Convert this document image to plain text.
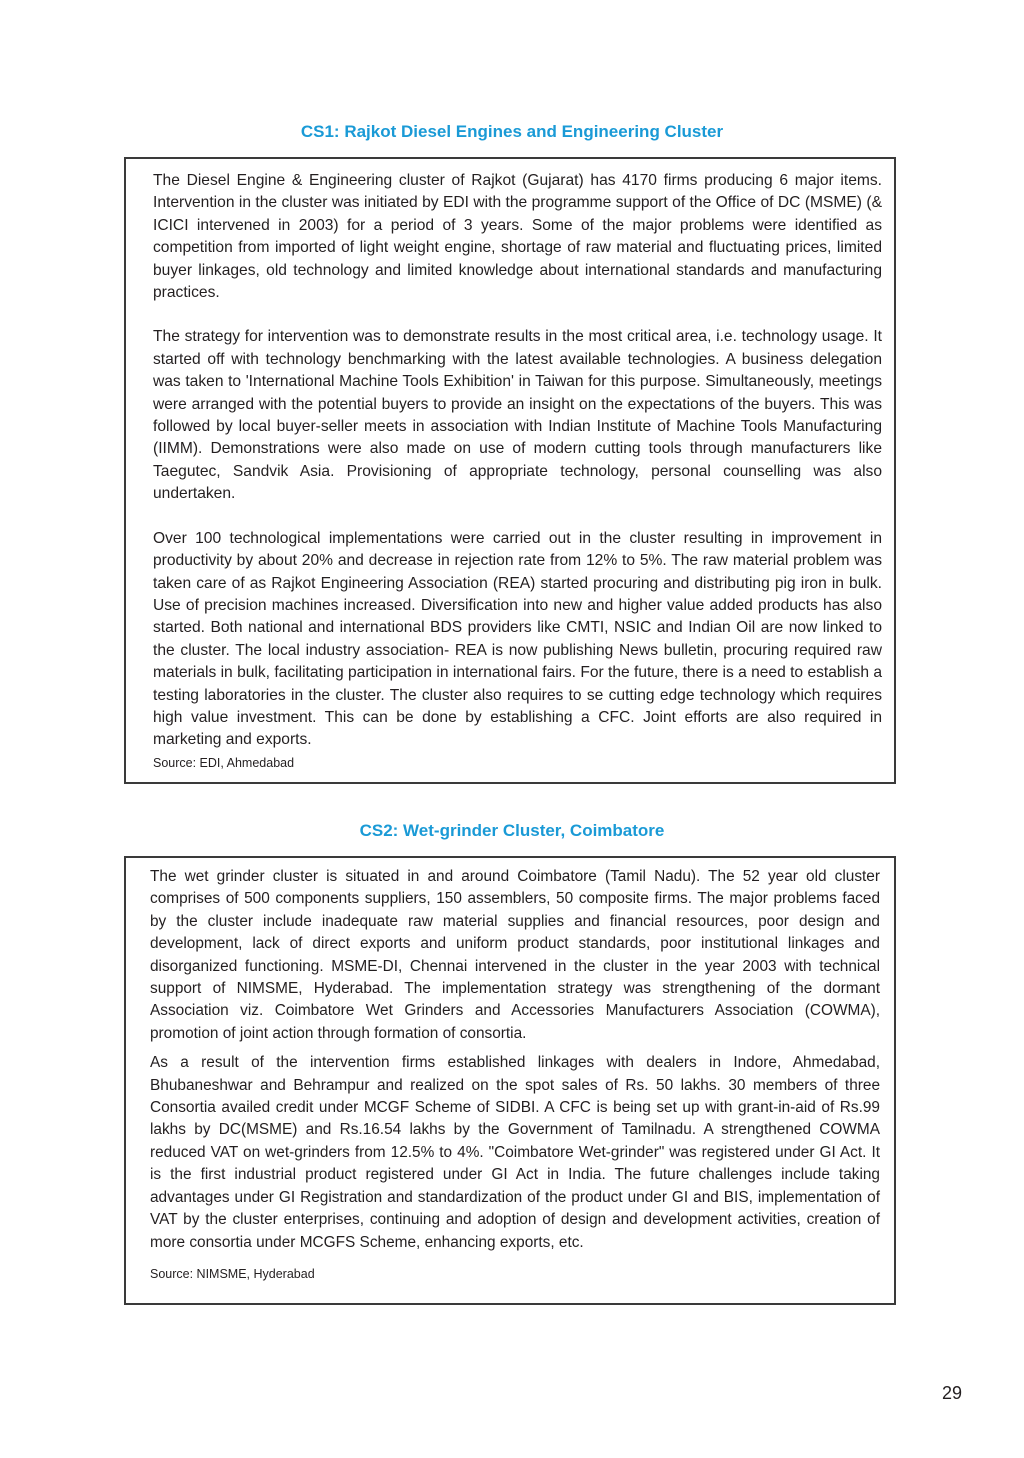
CS1: Rajkot Diesel Engines and Engineering Cluster

The Diesel Engine & Engineering cluster of Rajkot (Gujarat) has 4170 firms producing 6 major items. Intervention in the cluster was initiated by EDI with the programme support of the Office of DC (MSME) (& ICICI intervened in 2003) for a period of 3 years. Some of the major problems were identified as competition from imported of light weight engine, shortage of raw material and fluctuating prices, limited buyer linkages, old technology and limited knowledge about international standards and manufacturing practices.

The strategy for intervention was to demonstrate results in the most critical area, i.e. technology usage. It started off with technology benchmarking with the latest available technologies. A business delegation was taken to 'International Machine Tools Exhibition' in Taiwan for this purpose. Simultaneously, meetings were arranged with the potential buyers to provide an insight on the expectations of the buyers. This was followed by local buyer-seller meets in association with Indian Institute of Machine Tools Manufacturing (IIMM). Demonstrations were also made on use of modern cutting tools through manufacturers like Taegutec, Sandvik Asia. Provisioning of appropriate technology, personal counselling was also undertaken.

Over 100 technological implementations were carried out in the cluster resulting in improvement in productivity by about 20% and decrease in rejection rate from 12% to 5%. The raw material problem was taken care of as Rajkot Engineering Association (REA) started procuring and distributing pig iron in bulk. Use of precision machines increased. Diversification into new and higher value added products has also started. Both national and international BDS providers like CMTI, NSIC and Indian Oil are now linked to the cluster. The local industry association- REA is now publishing News bulletin, procuring required raw materials in bulk, facilitating participation in international fairs. For the future, there is a need to establish a testing laboratories in the cluster. The cluster also requires to se cutting edge technology which requires high value investment. This can be done by establishing a CFC. Joint efforts are also required in marketing and exports.

Source: EDI, Ahmedabad
CS2: Wet-grinder Cluster, Coimbatore

The wet grinder cluster is situated in and around Coimbatore (Tamil Nadu). The 52 year old cluster comprises of 500 components suppliers, 150 assemblers, 50 composite firms. The major problems faced by the cluster include inadequate raw material supplies and financial resources, poor design and development, lack of direct exports and uniform product standards, poor institutional linkages and disorganized functioning. MSME-DI, Chennai intervened in the cluster in the year 2003 with technical support of NIMSME, Hyderabad. The implementation strategy was strengthening of the dormant Association viz. Coimbatore Wet Grinders and Accessories Manufacturers Association (COWMA), promotion of joint action through formation of consortia.

As a result of the intervention firms established linkages with dealers in Indore, Ahmedabad, Bhubaneshwar and Behrampur and realized on the spot sales of Rs. 50 lakhs. 30 members of three Consortia availed credit under MCGF Scheme of SIDBI. A CFC is being set up with grant-in-aid of Rs.99 lakhs by DC(MSME) and Rs.16.54 lakhs by the Government of Tamilnadu. A strengthened COWMA reduced VAT on wet-grinders from 12.5% to 4%. "Coimbatore Wet-grinder" was registered under GI Act. It is the first industrial product registered under GI Act in India. The future challenges include taking advantages under GI Registration and standardization of the product under GI and BIS, implementation of VAT by the cluster enterprises, continuing and adoption of design and development activities, creation of more consortia under MCGFS Scheme, enhancing exports, etc.

Source: NIMSME, Hyderabad
29
